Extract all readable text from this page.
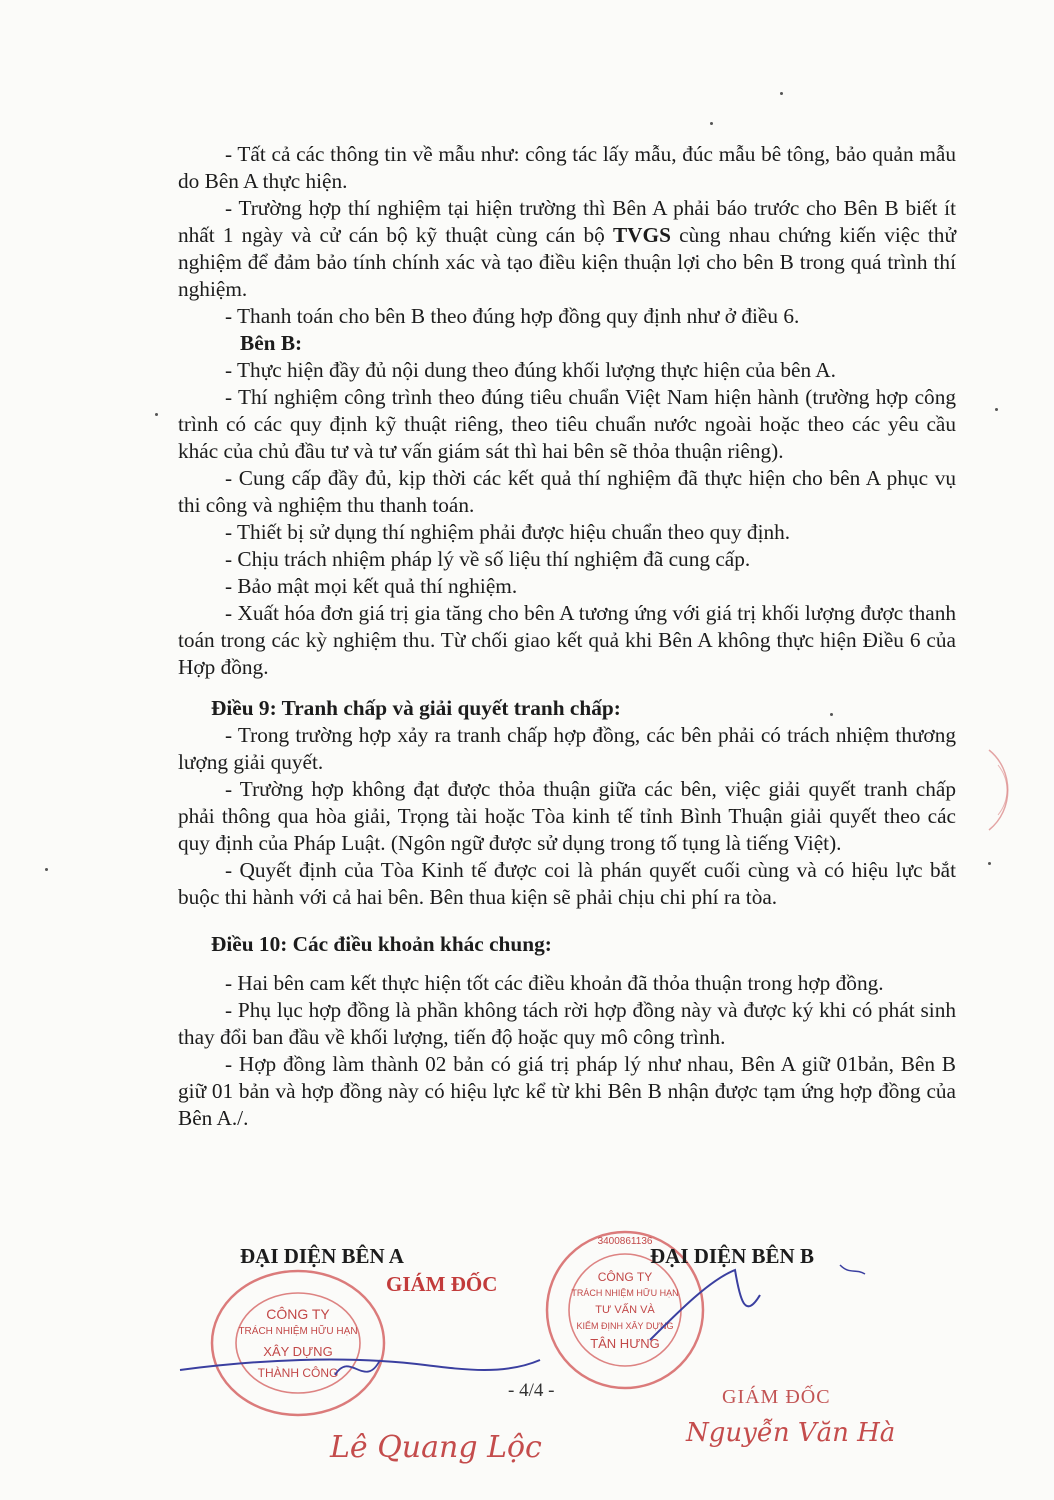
- Tất cả các thông tin về mẫu như: công tác lấy mẫu, đúc mẫu bê tông, bảo quản mẫu do Bên A thực hiện.

- Trường hợp thí nghiệm tại hiện trường thì Bên A phải báo trước cho Bên B biết ít nhất 1 ngày và cử cán bộ kỹ thuật cùng cán bộ TVGS cùng nhau chứng kiến việc thử nghiệm để đảm bảo tính chính xác và tạo điều kiện thuận lợi cho bên B trong quá trình thí nghiệm.

- Thanh toán cho bên B theo đúng hợp đồng quy định như ở điều 6.

Bên B:

- Thực hiện đầy đủ nội dung theo đúng khối lượng thực hiện của bên A.

- Thí nghiệm công trình theo đúng tiêu chuẩn Việt Nam hiện hành (trường hợp công trình có các quy định kỹ thuật riêng, theo tiêu chuẩn nước ngoài hoặc theo các yêu cầu khác của chủ đầu tư và tư vấn giám sát thì hai bên sẽ thỏa thuận riêng).

- Cung cấp đầy đủ, kịp thời các kết quả thí nghiệm đã thực hiện cho bên A phục vụ thi công và nghiệm thu thanh toán.

- Thiết bị sử dụng thí nghiệm phải được hiệu chuẩn theo quy định.

- Chịu trách nhiệm pháp lý về số liệu thí nghiệm đã cung cấp.

- Bảo mật mọi kết quả thí nghiệm.

- Xuất hóa đơn giá trị gia tăng cho bên A tương ứng với giá trị khối lượng được thanh toán trong các kỳ nghiệm thu. Từ chối giao kết quả khi Bên A không thực hiện Điều 6 của Hợp đồng.

Điều 9: Tranh chấp và giải quyết tranh chấp:

- Trong trường hợp xảy ra tranh chấp hợp đồng, các bên phải có trách nhiệm thương lượng giải quyết.

- Trường hợp không đạt được thỏa thuận giữa các bên, việc giải quyết tranh chấp phải thông qua hòa giải, Trọng tài hoặc Tòa kinh tế tỉnh Bình Thuận giải quyết theo các quy định của Pháp Luật. (Ngôn ngữ được sử dụng trong tố tụng là tiếng Việt).

- Quyết định của Tòa Kinh tế được coi là phán quyết cuối cùng và có hiệu lực bắt buộc thi hành với cả hai bên. Bên thua kiện sẽ phải chịu chi phí ra tòa.

Điều 10: Các điều khoản khác chung:

- Hai bên cam kết thực hiện tốt các điều khoản đã thỏa thuận trong hợp đồng.

- Phụ lục hợp đồng là phần không tách rời hợp đồng này và được ký khi có phát sinh thay đổi ban đầu về khối lượng, tiến độ hoặc quy mô công trình.

- Hợp đồng làm thành 02 bản có giá trị pháp lý như nhau, Bên A giữ 01bản, Bên B giữ 01 bản và hợp đồng này có hiệu lực kể từ khi Bên B nhận được tạm ứng hợp đồng của Bên A./.

CÔNG TY
TRÁCH NHIỆM HỮU HẠN
XÂY DỰNG
THÀNH CÔNG
ĐẠI DIỆN BÊN A
GIÁM ĐỐC
Lê Quang Lộc
3400861136
CÔNG TY
TRÁCH NHIỆM HỮU HẠN
TƯ VẤN VÀ
KIỂM ĐỊNH XÂY DỰNG
TÂN HƯNG
ĐẠI DIỆN BÊN B
GIÁM ĐỐC
Nguyễn Văn Hà
- 4/4 -
